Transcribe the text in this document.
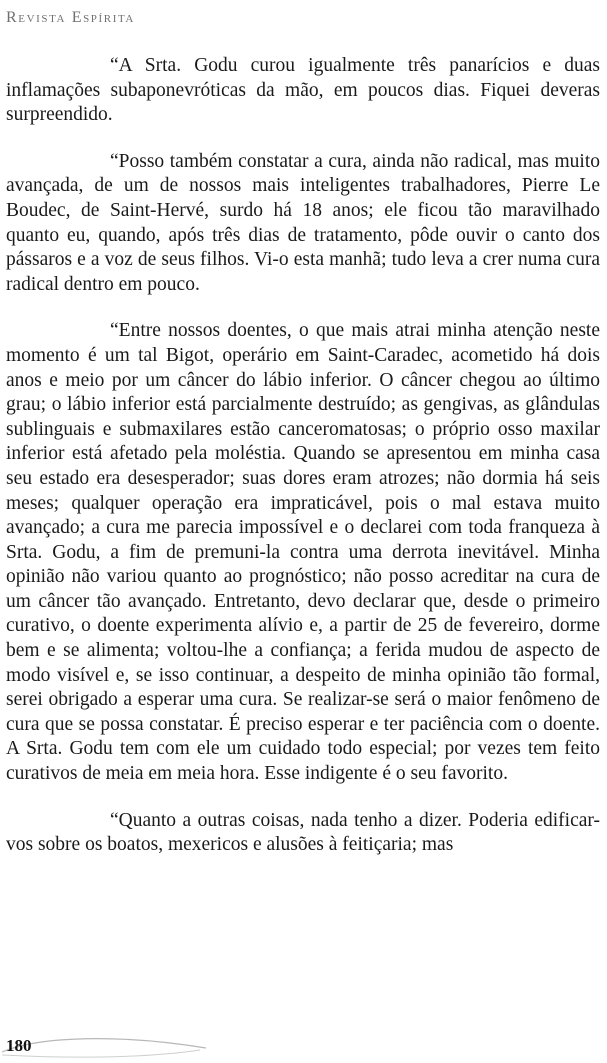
Revista Espírita

“A Srta. Godu curou igualmente três panarícios e duas inflamações subaponevróticas da mão, em poucos dias. Fiquei deveras surpreendido.

“Posso também constatar a cura, ainda não radical, mas muito avançada, de um de nossos mais inteligentes trabalhadores, Pierre Le Boudec, de Saint-Hervé, surdo há 18 anos; ele ficou tão maravilhado quanto eu, quando, após três dias de tratamento, pôde ouvir o canto dos pássaros e a voz de seus filhos. Vi-o esta manhã; tudo leva a crer numa cura radical dentro em pouco.

“Entre nossos doentes, o que mais atrai minha atenção neste momento é um tal Bigot, operário em Saint-Caradec, acometido há dois anos e meio por um câncer do lábio inferior. O câncer chegou ao último grau; o lábio inferior está parcialmente destruído; as gengivas, as glândulas sublinguais e submaxilares estão canceromatosas; o próprio osso maxilar inferior está afetado pela moléstia. Quando se apresentou em minha casa seu estado era desesperador; suas dores eram atrozes; não dormia há seis meses; qualquer operação era impraticável, pois o mal estava muito avançado; a cura me parecia impossível e o declarei com toda franqueza à Srta. Godu, a fim de premuni-la contra uma derrota inevitável. Minha opinião não variou quanto ao prognóstico; não posso acreditar na cura de um câncer tão avançado. Entretanto, devo declarar que, desde o primeiro curativo, o doente experimenta alívio e, a partir de 25 de fevereiro, dorme bem e se alimenta; voltou-lhe a confiança; a ferida mudou de aspecto de modo visível e, se isso continuar, a despeito de minha opinião tão formal, serei obrigado a esperar uma cura. Se realizar-se será o maior fenômeno de cura que se possa constatar. É preciso esperar e ter paciência com o doente. A Srta. Godu tem com ele um cuidado todo especial; por vezes tem feito curativos de meia em meia hora. Esse indigente é o seu favorito.

“Quanto a outras coisas, nada tenho a dizer. Poderia edificar-vos sobre os boatos, mexericos e alusões à feitiçaria; mas

180
